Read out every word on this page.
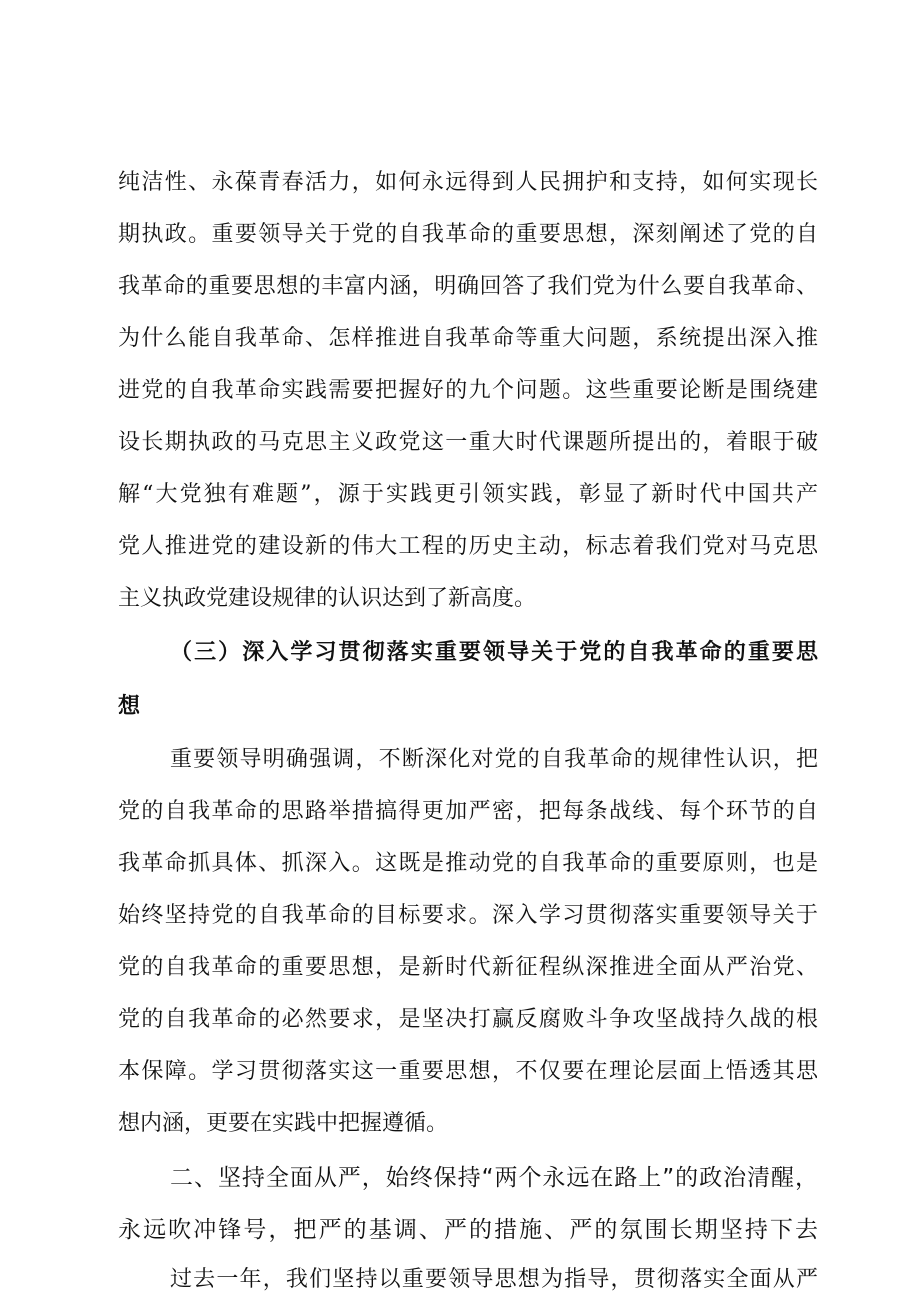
纯洁性、永葆青春活力，如何永远得到人民拥护和支持，如何实现长
期执政。重要领导关于党的自我革命的重要思想，深刻阐述了党的自
我革命的重要思想的丰富内涵，明确回答了我们党为什么要自我革命、
为什么能自我革命、怎样推进自我革命等重大问题，系统提出深入推
进党的自我革命实践需要把握好的九个问题。这些重要论断是围绕建
设长期执政的马克思主义政党这一重大时代课题所提出的，着眼于破
解“大党独有难题”，源于实践更引领实践，彰显了新时代中国共产
党人推进党的建设新的伟大工程的历史主动，标志着我们党对马克思
主义执政党建设规律的认识达到了新高度。
（三）深入学习贯彻落实重要领导关于党的自我革命的重要思
想
重要领导明确强调，不断深化对党的自我革命的规律性认识，把
党的自我革命的思路举措搞得更加严密，把每条战线、每个环节的自
我革命抓具体、抓深入。这既是推动党的自我革命的重要原则，也是
始终坚持党的自我革命的目标要求。深入学习贯彻落实重要领导关于
党的自我革命的重要思想，是新时代新征程纵深推进全面从严治党、
党的自我革命的必然要求，是坚决打赢反腐败斗争攻坚战持久战的根
本保障。学习贯彻落实这一重要思想，不仅要在理论层面上悟透其思
想内涵，更要在实践中把握遵循。
二、坚持全面从严，始终保持“两个永远在路上”的政治清醒，
永远吹冲锋号，把严的基调、严的措施、严的氛围长期坚持下去
过去一年，我们坚持以重要领导思想为指导，贯彻落实全面从严
